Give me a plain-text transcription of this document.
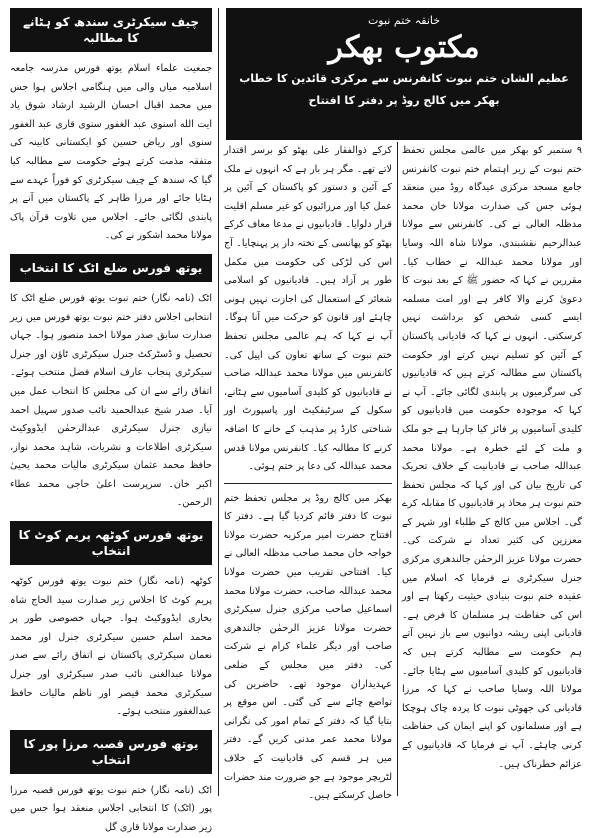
۹ ستمبر کو بھکر میں عالمی مجلس تحفظ ختم نبوت کے زیر اہتمام ختم نبوت کانفرنس جامع مسجد مرکزی عیدگاہ روڈ میں منعقد ہوئی جس کی صدارت مولانا خان محمد مدظلہ العالی نے کی۔ کانفرنس سے مولانا عبدالرحیم نقشبندی، مولانا شاہ اللہ وسایا اور مولانا محمد عبداللہ نے خطاب کیا۔ مقررین نے کہا کہ حضور ﷺ کے بعد نبوت کا دعویٰ کرنے والا کافر ہے اور امت مسلمہ ایسے کسی شخص کو برداشت نہیں کرسکتی۔ انہوں نے کہا کہ قادیانی پاکستان کے آئین کو تسلیم نہیں کرتے اور حکومت پاکستان سے مطالبہ کرتے ہیں کہ قادیانیوں کی سرگرمیوں پر پابندی لگائی جائے۔ آپ نے کہا کہ موجودہ حکومت میں قادیانیوں کو کلیدی آسامیوں پر فائز کیا جارہا ہے جو ملک و ملت کے لئے خطرہ ہے۔ مولانا محمد عبداللہ صاحب نے قادیانیت کے خلاف تحریک کی تاریخ بیان کی اور کہا کہ مجلس تحفظ ختم نبوت ہر محاذ پر قادیانیوں کا مقابلہ کرے گی۔ اجلاس میں کالج کے طلباء اور شہر کے معززین کی کثیر تعداد نے شرکت کی۔ حضرت مولانا عزیز الرحمٰن جالندھری مرکزی جنرل سیکرٹری نے فرمایا کہ اسلام میں عقیدہ ختم نبوت بنیادی حیثیت رکھتا ہے اور اس کی حفاظت ہر مسلمان کا فرض ہے۔ قادیانی اپنی ریشہ دوانیوں سے باز نہیں آتے ہم حکومت سے مطالبہ کرتے ہیں کہ قادیانیوں کو کلیدی آسامیوں سے ہٹایا جائے۔ مولانا اللہ وسایا صاحب نے کہا کہ مرزا قادیانی کی جھوٹی نبوت کا پردہ چاک ہوچکا ہے اور مسلمانوں کو اپنے ایمان کی حفاظت کرنی چاہئے۔ آپ نے فرمایا کہ قادیانیوں کے عزائم خطرناک ہیں۔
خانقہ ختم نبوت
مکتوب بھکر
عظیم الشان ختم نبوت کانفرنس سے مرکزی قائدین کا خطاب
بھکر میں کالج روڈ پر دفتر کا افتتاح
کرکے ذوالفقار علی بھٹو کو برسر اقتدار لاتے تھے۔ مگر ہر بار ہے کہ انہوں نے ملک کے آئین و دستور کو پاکستان کے آئین پر عمل کیا اور مرزائیوں کو غیر مسلم اقلیت قرار دلوایا۔ قادیانیوں نے مدعا معاف کرکے بھٹو کو پھانسی کے تختہ دار پر پہنچایا۔ آج اس کی لڑکی کی حکومت میں مکمل طور پر آزاد ہیں۔ قادیانیوں کو اسلامی شعائر کے استعمال کی اجازت نہیں ہونی چاہئے اور قانون کو حرکت میں آنا ہوگا۔ آپ نے کہا کہ ہم عالمی مجلس تحفظ ختم نبوت کے ساتھ تعاون کی اپیل کی۔ کانفرنس میں مولانا محمد عبداللہ صاحب نے قادیانیوں کو کلیدی آسامیوں سے ہٹانے، سکول کے سرٹیفکیٹ اور پاسپورٹ اور شناختی کارڈ پر مذہب کے خانے کا اضافہ کرنے کا مطالبہ کیا۔ کانفرنس مولانا قدس محمد عبداللہ کی دعا پر ختم ہوئی۔
بھکر میں کالج روڈ پر مجلس تحفظ ختم نبوت کا دفتر قائم کردیا گیا ہے۔ دفتر کا افتتاح حضرت امیر مرکزیہ حضرت مولانا خواجہ خان محمد صاحب مدظلہ العالی نے کیا۔ افتتاحی تقریب میں حضرت مولانا محمد عبداللہ صاحب، حضرت مولانا محمد اسماعیل صاحب مرکزی جنرل سیکرٹری حضرت مولانا عزیز الرحمٰن جالندھری صاحب اور دیگر علماء کرام نے شرکت کی۔ دفتر میں مجلس کے ضلعی عہدیداران موجود تھے۔ حاضرین کی تواضع چائے سے کی گئی۔ اس موقع پر بتایا گیا کہ دفتر کے تمام امور کی نگرانی مولانا محمد عمر مدنی کریں گے۔ دفتر میں ہر قسم کی قادیانیت کے خلاف لٹریچر موجود ہے جو ضرورت مند حضرات حاصل کرسکتے ہیں۔
چیف سیکرٹری سندھ کو ہٹانے کا مطالبہ
جمعیت علماء اسلام یوتھ فورس مدرسہ جامعہ اسلامیہ میاں والی میں ہنگامی اجلاس ہوا جس میں محمد اقبال احسان الرشید ارشاد شوق یاد ایت الله اسنوی عبد الغفور سنوی قاری عبد الغفور سنوی اور ریاض حسین کو ایکستانی کابینہ کی متفقہ مذمت کرتے ہوئے حکومت سے مطالبہ کیا گیا کہ سندھ کے چیف سیکرٹری کو فوراً عہدے سے ہٹایا جائے اور مرزا طاہر کے پاکستان میں آنے پر پابندی لگائی جائے۔ اجلاس میں تلاوت قرآن پاک مولانا محمد اشکور نے کی۔
یوتھ فورس ضلع اٹک کا انتخاب
اٹک (نامہ نگار) ختم نبوت یوتھ فورس ضلع اٹک کا انتخابی اجلاس دفتر ختم نبوت یوتھ فورس میں زیر صدارت سابق صدر مولانا احمد منصور ہوا۔ جہاں تحصیل و ڈسٹرکٹ جنرل سیکرٹری ٹاؤن اور جنرل سیکرٹری پنجاب عارف اسلام فضل منتخب ہوئے۔ اتفاق رائے سے ان کی مجلس کا انتخاب عمل میں آیا۔ صدر شیخ عبدالحمید نائب صدور سہیل احمد نیازی جنرل سیکرٹری عبدالرحمٰن ایڈووکیٹ سیکرٹری اطلاعات و نشریات، شاہد محمد نواز، حافظ محمد عثمان سیکرٹری مالیات محمد یحییٰ اکبر خان۔ سرپرست اعلیٰ حاجی محمد عطاء الرحمن۔
یوتھ فورس کوٹھہ پریم کوٹ کا انتخاب
کوٹھہ (نامہ نگار) ختم نبوت یوتھ فورس کوٹھہ پریم کوٹ کا اجلاس زیر صدارت سید الحاج شاہ بخاری ایڈووکیٹ ہوا۔ جہاں خصوصی طور پر محمد اسلم حسین سیکرٹری جنرل اور محمد نعمان سیکرٹری پاکستان نے اتفاق رائے سے صدر مولانا عبدالغنی نائب صدر سیکرٹری اور جنرل سیکرٹری محمد قیصر اور ناظم مالیات حافظ عبدالغفور منتخب ہوئے۔
یوتھ فورس قصبہ مرزا پور کا انتخاب
اٹک (نامہ نگار) ختم نبوت یوتھ فورس قصبہ مرزا پور (اٹک) کا انتخابی اجلاس منعقد ہوا جس میں زیر صدارت مولانا قاری گل
